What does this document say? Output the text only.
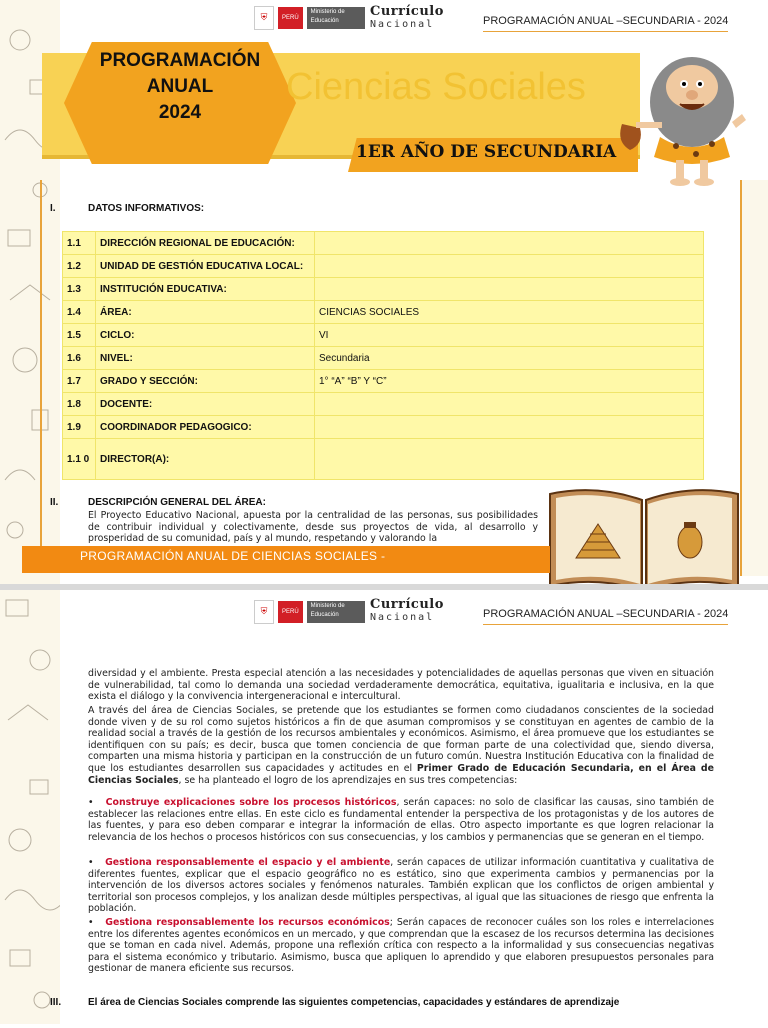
⛨	PERÚ
Ministerio de Educación
Currículo
Nacional	PROGRAMACIÓN ANUAL –SECUNDARIA - 2024
PROGRAMACIÓN
ANUAL
2024
Ciencias Sociales
1ER AÑO DE SECUNDARIA
I.	DATOS INFORMATIVOS:
1.1	DIRECCIÓN REGIONAL DE EDUCACIÓN:	
1.2	UNIDAD DE GESTIÓN EDUCATIVA LOCAL:	
1.3	INSTITUCIÓN EDUCATIVA:	
1.4	ÁREA:	CIENCIAS SOCIALES
1.5	CICLO:	VI
1.6	NIVEL:	Secundaria
1.7	GRADO Y SECCIÓN:	1° “A” “B” Y “C”
1.8	DOCENTE:	
1.9	COORDINADOR PEDAGOGICO:	
1.1 0	DIRECTOR(A):	
II.	DESCRIPCIÓN GENERAL DEL ÁREA:
El Proyecto Educativo Nacional, apuesta por la centralidad de las personas, sus posibilidades de contribuir individual y colectivamente, desde sus proyectos de vida, al desarrollo y prosperidad de su comunidad, país y al mundo, respetando y valorando la
PROGRAMACIÓN ANUAL DE CIENCIAS SOCIALES -
⛨	PERÚ
Ministerio de Educación
Currículo
Nacional	PROGRAMACIÓN ANUAL –SECUNDARIA - 2024
diversidad y el ambiente. Presta especial atención a las necesidades y potencialidades de aquellas personas que viven en situación de vulnerabilidad, tal como lo demanda una sociedad verdaderamente democrática, equitativa, igualitaria e inclusiva, en la que exista el diálogo y la convivencia intergeneracional e intercultural.
A través del área de Ciencias Sociales, se pretende que los estudiantes se formen como ciudadanos conscientes de la sociedad donde viven y de su rol como sujetos históricos a fin de que asuman compromisos y se constituyan en agentes de cambio de la realidad social a través de la gestión de los recursos ambientales y económicos. Asimismo, el área promueve que los estudiantes se identifiquen con su país; es decir, busca que tomen conciencia de que forman parte de una colectividad que, siendo diversa, comparten una misma historia y participan en la construcción de un futuro común. Nuestra Institución Educativa con la finalidad de que los estudiantes desarrollen sus capacidades y actitudes en el Primer Grado de Educación Secundaria, en el Área de Ciencias Sociales, se ha planteado el logro de los aprendizajes en sus tres competencias:
• Construye explicaciones sobre los procesos históricos, serán capaces: no solo de clasificar las causas, sino también de establecer las relaciones entre ellas. En este ciclo es fundamental entender la perspectiva de los protagonistas y de los autores de las fuentes, y para eso deben comparar e integrar la información de ellas. Otro aspecto importante es que logren relacionar la relevancia de los hechos o procesos históricos con sus consecuencias, y los cambios y permanencias que se generan en el tiempo.
• Gestiona responsablemente el espacio y el ambiente, serán capaces de utilizar información cuantitativa y cualitativa de diferentes fuentes, explicar que el espacio geográfico no es estático, sino que experimenta cambios y permanencias por la intervención de los diversos actores sociales y fenómenos naturales. También explican que los conflictos de origen ambiental y territorial son procesos complejos, y los analizan desde múltiples perspectivas, al igual que las situaciones de riesgo que enfrenta la población.
• Gestiona responsablemente los recursos económicos; Serán capaces de reconocer cuáles son los roles e interrelaciones entre los diferentes agentes económicos en un mercado, y que comprendan que la escasez de los recursos determina las decisiones que se toman en cada nivel. Además, propone una reflexión crítica con respecto a la informalidad y sus consecuencias negativas para el sistema económico y tributario. Asimismo, busca que apliquen lo aprendido y que elaboren presupuestos personales para gestionar de manera eficiente sus recursos.
III.	El área de Ciencias Sociales comprende las siguientes competencias, capacidades y estándares de aprendizaje
